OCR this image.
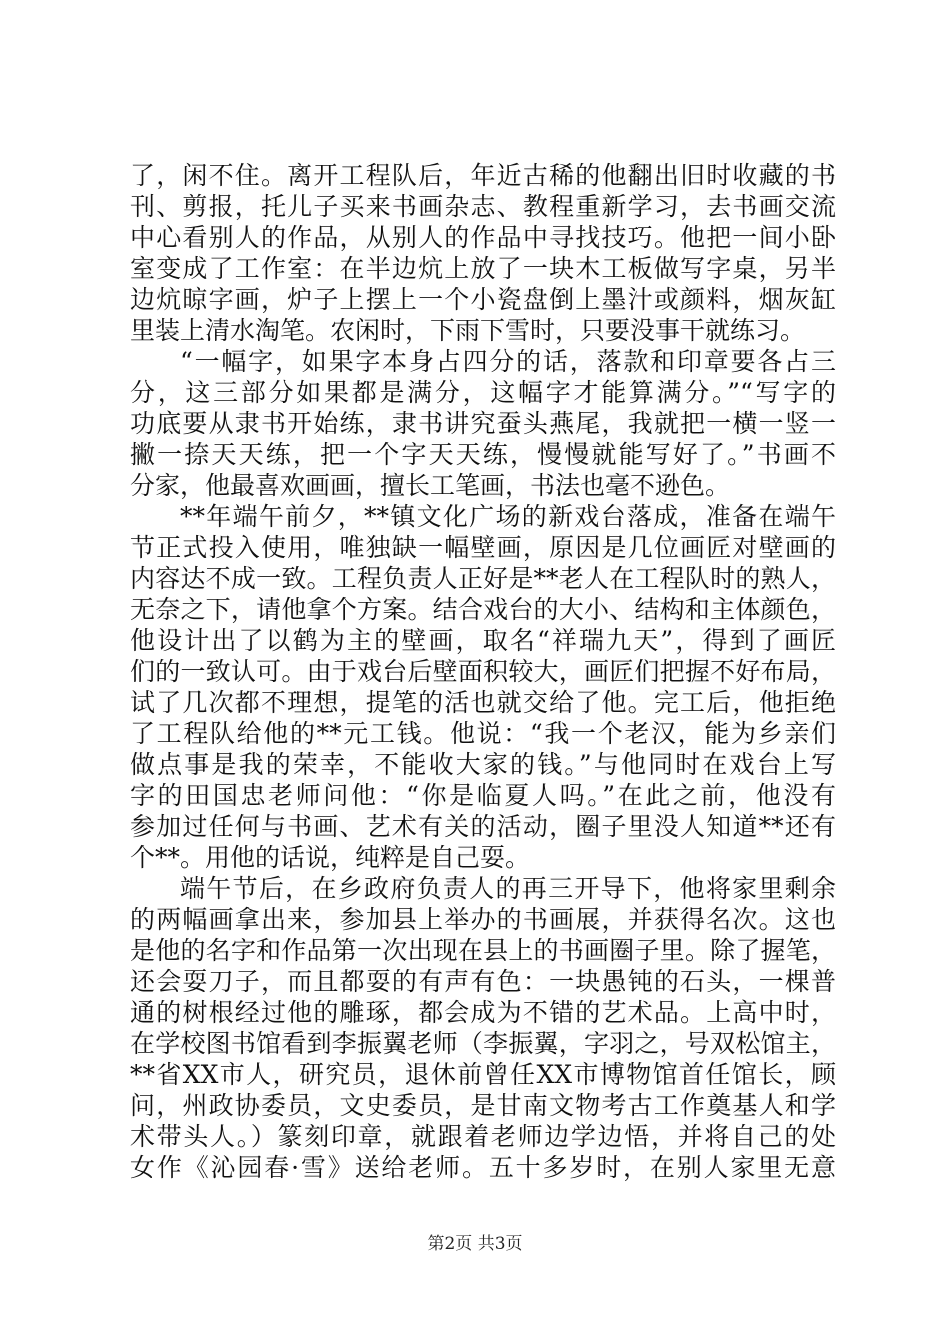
了，闲不住。离开工程队后，年近古稀的他翻出旧时收藏的书
刊、剪报，托儿子买来书画杂志、教程重新学习，去书画交流
中心看别人的作品，从别人的作品中寻找技巧。他把一间小卧
室变成了工作室：在半边炕上放了一块木工板做写字桌，另半
边炕晾字画，炉子上摆上一个小瓷盘倒上墨汁或颜料，烟灰缸
里装上清水淘笔。农闲时，下雨下雪时，只要没事干就练习。
“一幅字，如果字本身占四分的话，落款和印章要各占三
分，这三部分如果都是满分，这幅字才能算满分。”“写字的
功底要从隶书开始练，隶书讲究蚕头燕尾，我就把一横一竖一
撇一捺天天练，把一个字天天练，慢慢就能写好了。”书画不
分家，他最喜欢画画，擅长工笔画，书法也毫不逊色。
**年端午前夕，**镇文化广场的新戏台落成，准备在端午
节正式投入使用，唯独缺一幅壁画，原因是几位画匠对壁画的
内容达不成一致。工程负责人正好是**老人在工程队时的熟人，
无奈之下，请他拿个方案。结合戏台的大小、结构和主体颜色，
他设计出了以鹤为主的壁画，取名“祥瑞九天”，得到了画匠
们的一致认可。由于戏台后壁面积较大，画匠们把握不好布局，
试了几次都不理想，提笔的活也就交给了他。完工后，他拒绝
了工程队给他的**元工钱。他说：“我一个老汉，能为乡亲们
做点事是我的荣幸，不能收大家的钱。”与他同时在戏台上写
字的田国忠老师问他：“你是临夏人吗。”在此之前，他没有
参加过任何与书画、艺术有关的活动，圈子里没人知道**还有
个**。用他的话说，纯粹是自己耍。
端午节后，在乡政府负责人的再三开导下，他将家里剩余
的两幅画拿出来，参加县上举办的书画展，并获得名次。这也
是他的名字和作品第一次出现在县上的书画圈子里。除了握笔，
还会耍刀子，而且都耍的有声有色：一块愚钝的石头，一棵普
通的树根经过他的雕琢，都会成为不错的艺术品。上高中时，
在学校图书馆看到李振翼老师（李振翼，字羽之，号双松馆主，
**省XX市人，研究员，退休前曾任XX市博物馆首任馆长，顾
问，州政协委员，文史委员，是甘南文物考古工作奠基人和学
术带头人。）篆刻印章，就跟着老师边学边悟，并将自己的处
女作《沁园春·雪》送给老师。五十多岁时，在别人家里无意
第2页 共3页
